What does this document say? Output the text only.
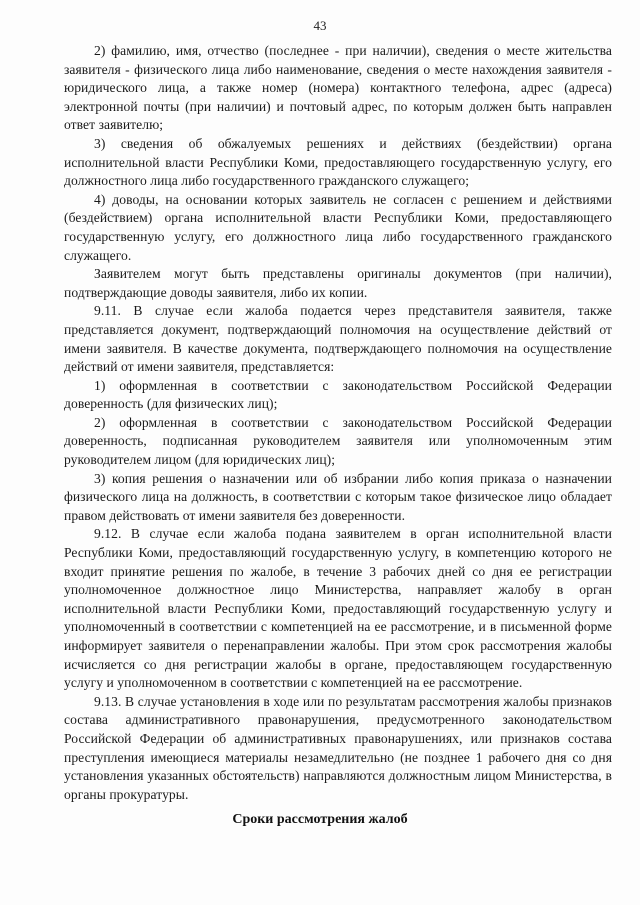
43

2) фамилию, имя, отчество (последнее - при наличии), сведения о месте жительства заявителя - физического лица либо наименование, сведения о месте нахождения заявителя - юридического лица, а также номер (номера) контактного телефона, адрес (адреса) электронной почты (при наличии) и почтовый адрес, по которым должен быть направлен ответ заявителю;

3) сведения об обжалуемых решениях и действиях (бездействии) органа исполнительной власти Республики Коми, предоставляющего государственную услугу, его должностного лица либо государственного гражданского служащего;

4) доводы, на основании которых заявитель не согласен с решением и действиями (бездействием) органа исполнительной власти Республики Коми, предоставляющего государственную услугу, его должностного лица либо государственного гражданского служащего.

Заявителем могут быть представлены оригиналы документов (при наличии), подтверждающие доводы заявителя, либо их копии.

9.11. В случае если жалоба подается через представителя заявителя, также представляется документ, подтверждающий полномочия на осуществление действий от имени заявителя. В качестве документа, подтверждающего полномочия на осуществление действий от имени заявителя, представляется:

1) оформленная в соответствии с законодательством Российской Федерации доверенность (для физических лиц);

2) оформленная в соответствии с законодательством Российской Федерации доверенность, подписанная руководителем заявителя или уполномоченным этим руководителем лицом (для юридических лиц);

3) копия решения о назначении или об избрании либо копия приказа о назначении физического лица на должность, в соответствии с которым такое физическое лицо обладает правом действовать от имени заявителя без доверенности.

9.12. В случае если жалоба подана заявителем в орган исполнительной власти Республики Коми, предоставляющий государственную услугу, в компетенцию которого не входит принятие решения по жалобе, в течение 3 рабочих дней со дня ее регистрации уполномоченное должностное лицо Министерства, направляет жалобу в орган исполнительной власти Республики Коми, предоставляющий государственную услугу и уполномоченный в соответствии с компетенцией на ее рассмотрение, и в письменной форме информирует заявителя о перенаправлении жалобы. При этом срок рассмотрения жалобы исчисляется со дня регистрации жалобы в органе, предоставляющем государственную услугу и уполномоченном в соответствии с компетенцией на ее рассмотрение.

9.13. В случае установления в ходе или по результатам рассмотрения жалобы признаков состава административного правонарушения, предусмотренного законодательством Российской Федерации об административных правонарушениях, или признаков состава преступления имеющиеся материалы незамедлительно (не позднее 1 рабочего дня со дня установления указанных обстоятельств) направляются должностным лицом Министерства, в органы прокуратуры.

Сроки рассмотрения жалоб
